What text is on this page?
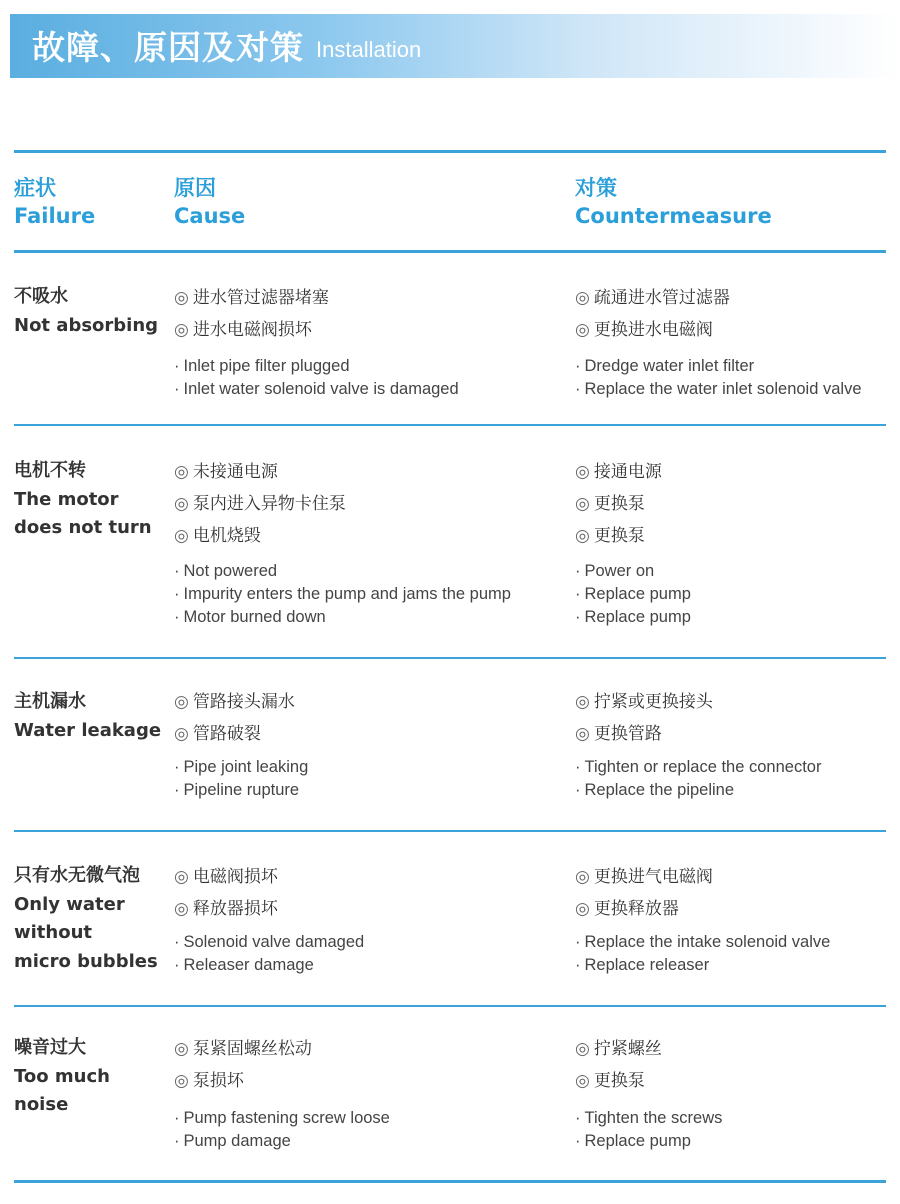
故障、原因及对策 Installation
症状
Failure
原因
Cause
对策
Countermeasure
不吸水
Not absorbing
◎ 进水管过滤器堵塞
◎ 进水电磁阀损坏
◎ 疏通进水管过滤器
◎ 更换进水电磁阀
· Inlet pipe filter plugged
· Inlet water solenoid valve is damaged
· Dredge water inlet filter
· Replace the water inlet solenoid valve
电机不转
The motor
does not turn
◎ 未接通电源
◎ 泵内进入异物卡住泵
◎ 电机烧毁
◎ 接通电源
◎ 更换泵
◎ 更换泵
· Not powered
· Impurity enters the pump and jams the pump
· Motor burned down
· Power on
· Replace pump
· Replace pump
主机漏水
Water leakage
◎ 管路接头漏水
◎ 管路破裂
◎ 拧紧或更换接头
◎ 更换管路
· Pipe joint leaking
· Pipeline rupture
· Tighten or replace the connector
· Replace the pipeline
只有水无微气泡
Only water
without
micro bubbles
◎ 电磁阀损坏
◎ 释放器损坏
◎ 更换进气电磁阀
◎ 更换释放器
· Solenoid valve damaged
· Releaser damage
· Replace the intake solenoid valve
· Replace releaser
噪音过大
Too much noise
◎ 泵紧固螺丝松动
◎ 泵损坏
◎ 拧紧螺丝
◎ 更换泵
· Pump fastening screw loose
· Pump damage
· Tighten the screws
· Replace pump
